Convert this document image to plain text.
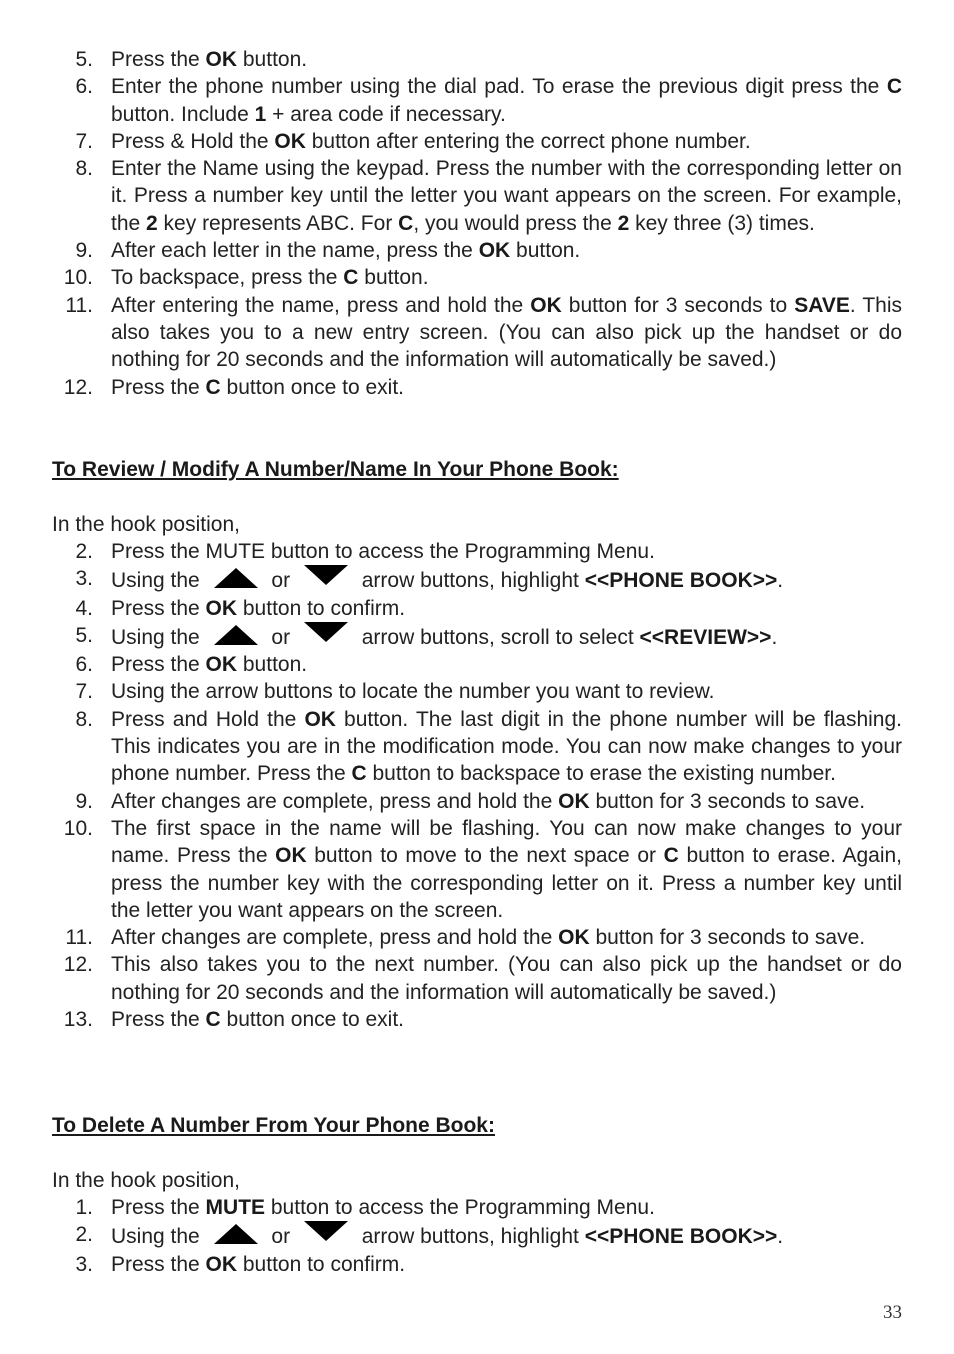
5. Press the OK button.
6. Enter the phone number using the dial pad. To erase the previous digit press the C button. Include 1 + area code if necessary.
7. Press & Hold the OK button after entering the correct phone number.
8. Enter the Name using the keypad. Press the number with the corresponding letter on it. Press a number key until the letter you want appears on the screen. For example, the 2 key represents ABC. For C, you would press the 2 key three (3) times.
9. After each letter in the name, press the OK button.
10. To backspace, press the C button.
11. After entering the name, press and hold the OK button for 3 seconds to SAVE. This also takes you to a new entry screen. (You can also pick up the handset or do nothing for 20 seconds and the information will automatically be saved.)
12. Press the C button once to exit.
To Review / Modify A Number/Name In Your Phone Book:

In the hook position,

2. Press the MUTE button to access the Programming Menu.
3. Using the	or	arrow buttons, highlight <<PHONE BOOK>>.
4. Press the OK button to confirm.
5. Using the	or	arrow buttons, scroll to select <<REVIEW>>.
6. Press the OK button.
7. Using the arrow buttons to locate the number you want to review.
8. Press and Hold the OK button. The last digit in the phone number will be flashing. This indicates you are in the modification mode. You can now make changes to your phone number. Press the C button to backspace to erase the existing number.
9. After changes are complete, press and hold the OK button for 3 seconds to save.
10. The first space in the name will be flashing. You can now make changes to your name. Press the OK button to move to the next space or C button to erase. Again, press the number key with the corresponding letter on it. Press a number key until the letter you want appears on the screen.
11. After changes are complete, press and hold the OK button for 3 seconds to save.
12. This also takes you to the next number. (You can also pick up the handset or do nothing for 20 seconds and the information will automatically be saved.)
13. Press the C button once to exit.
To Delete A Number From Your Phone Book:

In the hook position,

1. Press the MUTE button to access the Programming Menu.
2. Using the	or	arrow buttons, highlight <<PHONE BOOK>>.
3. Press the OK button to confirm.
33
